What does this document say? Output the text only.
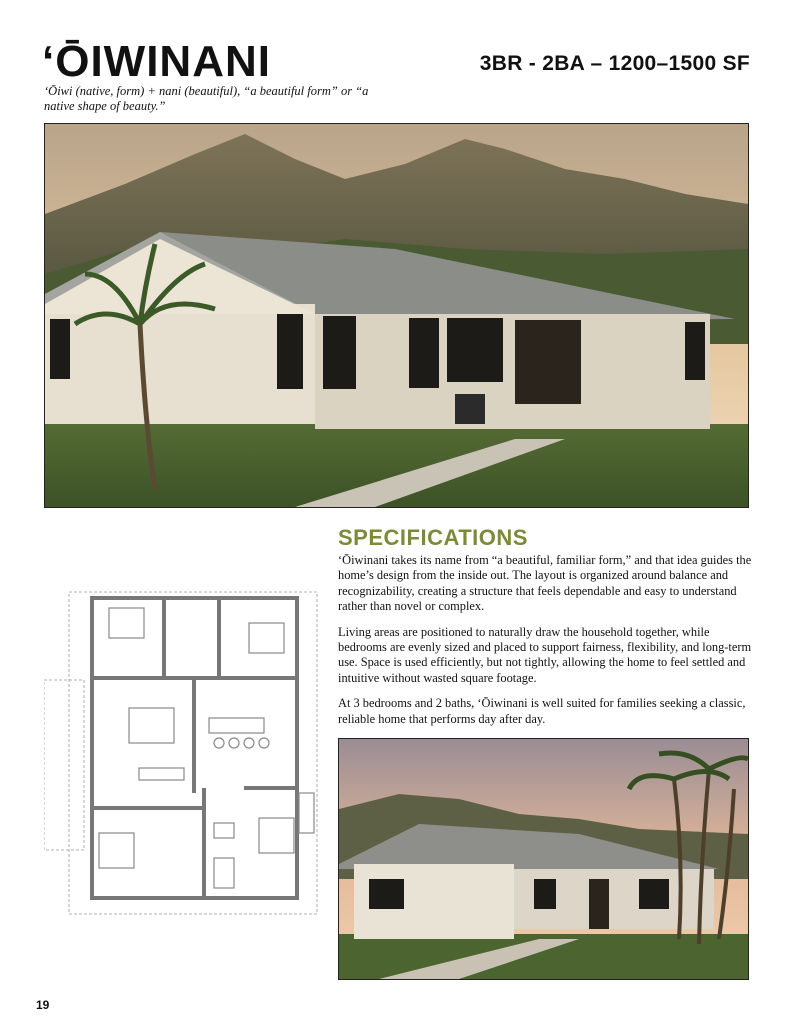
‘ŌIWINANI
‘Ōiwi (native, form) + nani (beautiful), “a beautiful form” or “a native shape of beauty.”
3BR - 2BA – 1200–1500 SF
SPECIFICATIONS

‘Ōiwinani takes its name from “a beautiful, familiar form,” and that idea guides the home’s design from the inside out. The layout is organized around balance and recognizability, creating a structure that feels dependable and easy to understand rather than novel or complex.

Living areas are positioned to naturally draw the household together, while bedrooms are evenly sized and placed to support fairness, flexibility, and long-term use. Space is used efficiently, but not tightly, allowing the home to feel settled and intuitive without wasted square footage.

At 3 bedrooms and 2 baths, ‘Ōiwinani is well suited for families seeking a classic, reliable home that performs day after day.

19
